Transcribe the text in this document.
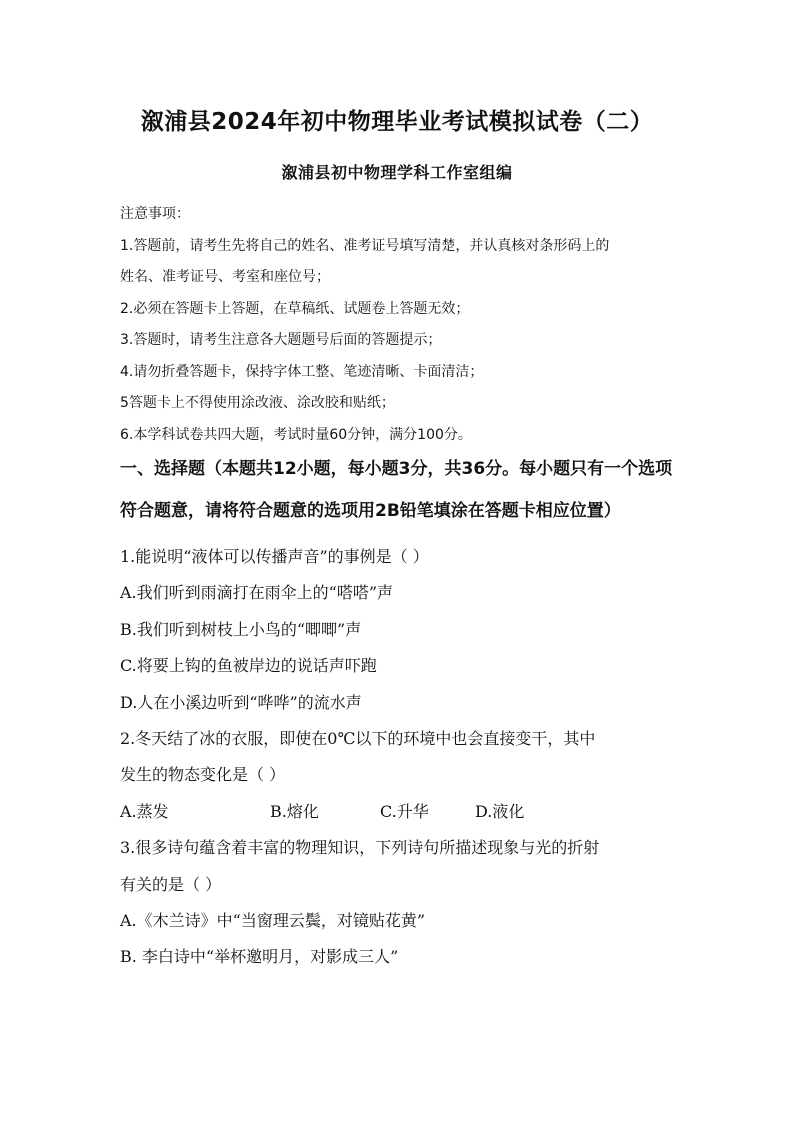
溆浦县2024年初中物理毕业考试模拟试卷（二）
溆浦县初中物理学科工作室组编
注意事项：
1.答题前，请考生先将自己的姓名、准考证号填写清楚，并认真核对条形码上的
姓名、准考证号、考室和座位号；
2.必须在答题卡上答题，在草稿纸、试题卷上答题无效；
3.答题时，请考生注意各大题题号后面的答题提示；
4.请勿折叠答题卡，保持字体工整、笔迹清晰、卡面清洁；
5答题卡上不得使用涂改液、涂改胶和贴纸；
6.本学科试卷共四大题，考试时量60分钟，满分100分。
一、选择题（本题共12小题，每小题3分，共36分。每小题只有一个选项符合题意，请将符合题意的选项用2B铅笔填涂在答题卡相应位置）
1.能说明“液体可以传播声音”的事例是（ ）
A.我们听到雨滴打在雨伞上的“嗒嗒”声
B.我们听到树枝上小鸟的“唧唧”声
C.将要上钩的鱼被岸边的说话声吓跑
D.人在小溪边听到“哗哗”的流水声
2.冬天结了冰的衣服，即使在0℃以下的环境中也会直接变干，其中
发生的物态变化是（ ）
A.蒸发	B.熔化	C.升华	D.液化
3.很多诗句蕴含着丰富的物理知识，下列诗句所描述现象与光的折射
有关的是（ ）
A.《木兰诗》中“当窗理云鬓，对镜贴花黄”
B. 李白诗中“举杯邀明月，对影成三人”
